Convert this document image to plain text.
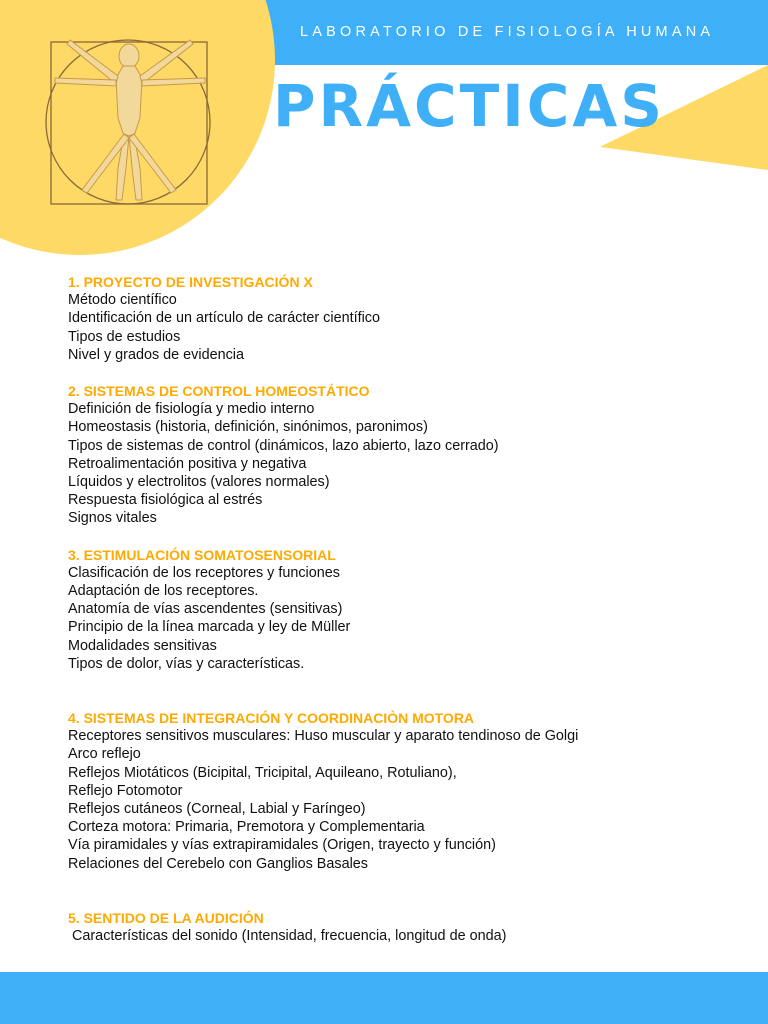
LABORATORIO DE FISIOLOGÍA HUMANA
PRÁCTICAS

1. PROYECTO DE INVESTIGACIÓN X

Método científico

Identificación de un artículo de carácter científico

Tipos de estudios

Nivel y grados de evidencia

2. SISTEMAS DE CONTROL HOMEOSTÁTICO

Definición de fisiología y medio interno

Homeostasis (historia, definición, sinónimos, paronimos)

Tipos de sistemas de control (dinámicos, lazo abierto, lazo cerrado)

Retroalimentación positiva y negativa

Líquidos y electrolitos (valores normales)

Respuesta fisiológica al estrés

Signos vitales

3. ESTIMULACIÓN SOMATOSENSORIAL

Clasificación de los receptores y funciones

Adaptación de los receptores.

Anatomía de vías ascendentes (sensitivas)

Principio de la línea marcada y ley de Müller

Modalidades sensitivas

Tipos de dolor, vías y características.

4. SISTEMAS DE INTEGRACIÓN Y COORDINACIÒN MOTORA

Receptores sensitivos musculares: Huso muscular y aparato tendinoso de Golgi

Arco reflejo

Reflejos Miotáticos (Bicipital, Tricipital, Aquileano, Rotuliano),

Reflejo Fotomotor

Reflejos cutáneos (Corneal, Labial y Faríngeo)

Corteza motora: Primaria, Premotora y Complementaria

Vía piramidales y vías extrapiramidales (Origen, trayecto y función)

Relaciones del Cerebelo con Ganglios Basales

5. SENTIDO DE LA AUDICIÓN

Características del sonido (Intensidad, frecuencia, longitud de onda)
